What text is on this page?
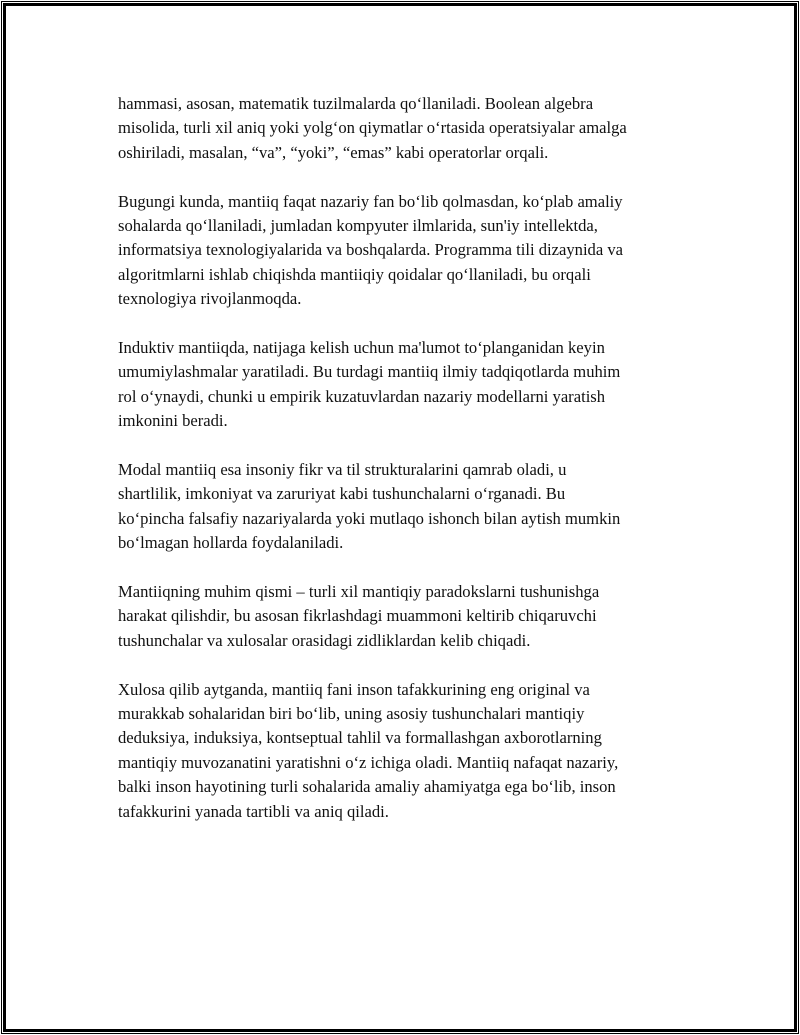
hammasi, asosan, matematik tuzilmalarda qo‘llaniladi. Boolean algebra
misolida, turli xil aniq yoki yolg‘on qiymatlar o‘rtasida operatsiyalar amalga
oshiriladi, masalan, “va”, “yoki”, “emas” kabi operatorlar orqali.

Bugungi kunda, mantiiq faqat nazariy fan bo‘lib qolmasdan, ko‘plab amaliy
sohalarda qo‘llaniladi, jumladan kompyuter ilmlarida, sun'iy intellektda,
informatsiya texnologiyalarida va boshqalarda. Programma tili dizaynida va
algoritmlarni ishlab chiqishda mantiiqiy qoidalar qo‘llaniladi, bu orqali
texnologiya rivojlanmoqda.

Induktiv mantiiqda, natijaga kelish uchun ma'lumot to‘planganidan keyin
umumiylashmalar yaratiladi. Bu turdagi mantiiq ilmiy tadqiqotlarda muhim
rol o‘ynaydi, chunki u empirik kuzatuvlardan nazariy modellarni yaratish
imkonini beradi.

Modal mantiiq esa insoniy fikr va til strukturalarini qamrab oladi, u
shartlilik, imkoniyat va zaruriyat kabi tushunchalarni o‘rganadi. Bu
ko‘pincha falsafiy nazariyalarda yoki mutlaqo ishonch bilan aytish mumkin
bo‘lmagan hollarda foydalaniladi.

Mantiiqning muhim qismi – turli xil mantiqiy paradokslarni tushunishga
harakat qilishdir, bu asosan fikrlashdagi muammoni keltirib chiqaruvchi
tushunchalar va xulosalar orasidagi zidliklardan kelib chiqadi.

Xulosa qilib aytganda, mantiiq fani inson tafakkurining eng original va
murakkab sohalaridan biri bo‘lib, uning asosiy tushunchalari mantiqiy
deduksiya, induksiya, kontseptual tahlil va formallashgan axborotlarning
mantiqiy muvozanatini yaratishni o‘z ichiga oladi. Mantiiq nafaqat nazariy,
balki inson hayotining turli sohalarida amaliy ahamiyatga ega bo‘lib, inson
tafakkurini yanada tartibli va aniq qiladi.
